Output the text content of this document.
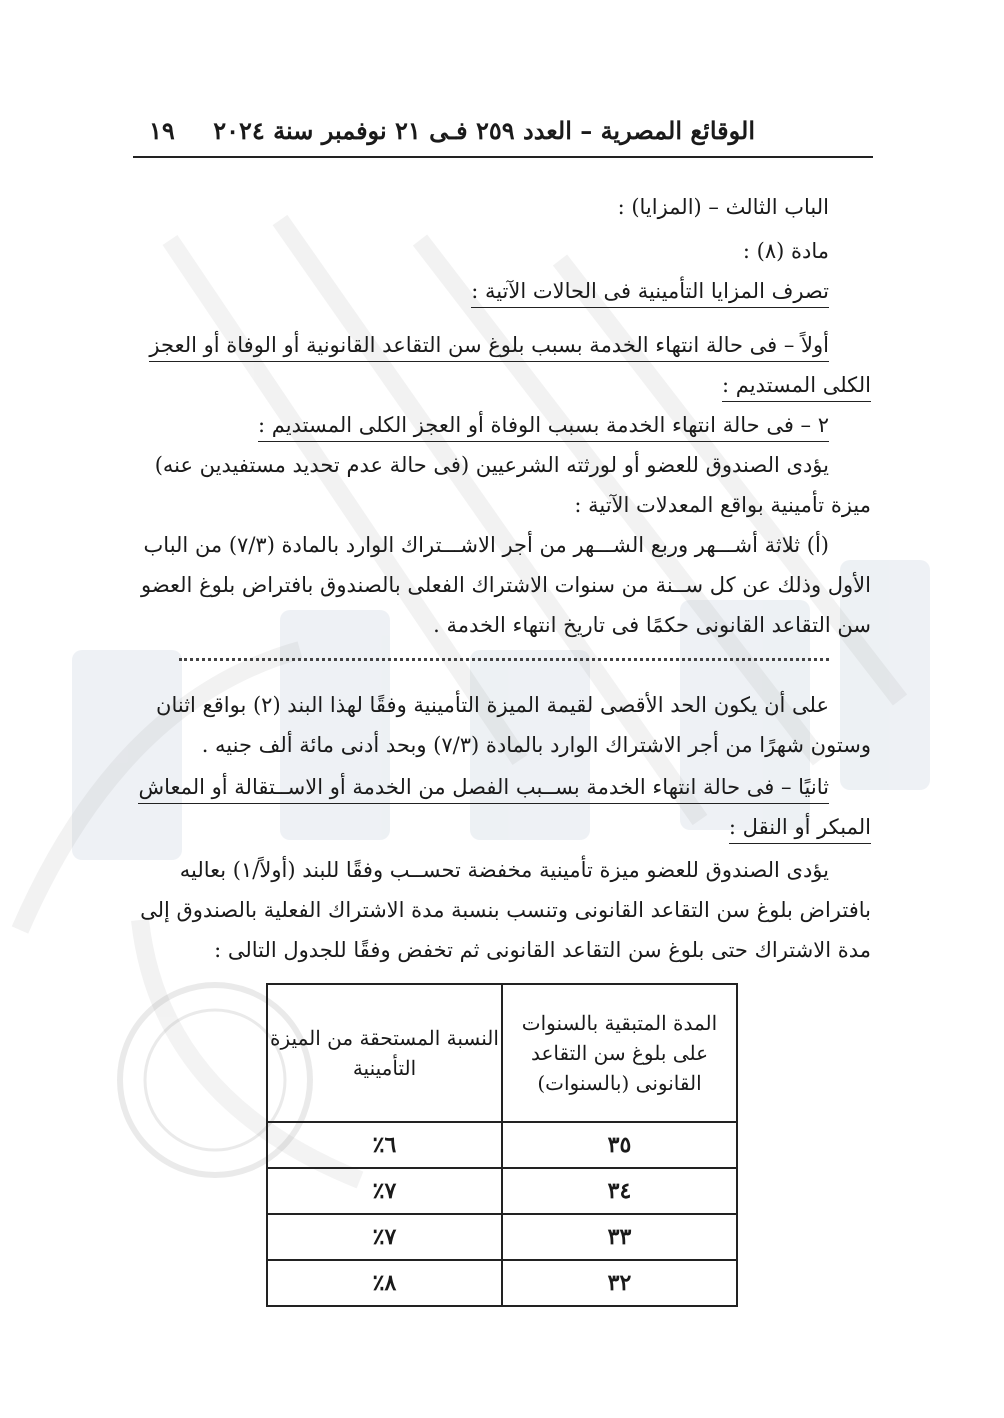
الوقائع المصرية – العدد ٢٥٩ فـى ٢١ نوفمبر سنة ٢٠٢٤
١٩
الباب الثالث – (المزايا) :
مادة (٨) :
تصرف المزايا التأمينية فى الحالات الآتية :
أولاً – فى حالة انتهاء الخدمة بسبب بلوغ سن التقاعد القانونية أو الوفاة أو العجز
الكلى المستديم :
٢ – فى حالة انتهاء الخدمة بسبب الوفاة أو العجز الكلى المستديم :
يؤدى الصندوق للعضو أو لورثته الشرعيين (فى حالة عدم تحديد مستفيدين عنه)
ميزة تأمينية بواقع المعدلات الآتية :
(أ) ثلاثة أشـــهر وربع الشـــهر من أجر الاشـــتراك الوارد بالمادة (٧/٣) من الباب
الأول وذلك عن كل ســنة من سنوات الاشتراك الفعلى بالصندوق بافتراض بلوغ العضو
سن التقاعد القانونى حكمًا فى تاريخ انتهاء الخدمة .
على أن يكون الحد الأقصى لقيمة الميزة التأمينية وفقًا لهذا البند (٢) بواقع اثنان
وستون شهرًا من أجر الاشتراك الوارد بالمادة (٧/٣) وبحد أدنى مائة ألف جنيه .
ثانيًا – فى حالة انتهاء الخدمة بســبب الفصل من الخدمة أو الاســتقالة أو المعاش
المبكر أو النقل :
يؤدى الصندوق للعضو ميزة تأمينية مخفضة تحســب وفقًا للبند (أولاً/١) بعاليه
بافتراض بلوغ سن التقاعد القانونى وتنسب بنسبة مدة الاشتراك الفعلية بالصندوق إلى
مدة الاشتراك حتى بلوغ سن التقاعد القانونى ثم تخفض وفقًا للجدول التالى :
المدة المتبقية بالسنوات على بلوغ سن التقاعد القانونى (بالسنوات)	النسبة المستحقة من الميزة التأمينية
٣٥	٦٪
٣٤	٧٪
٣٣	٧٪
٣٢	٨٪
